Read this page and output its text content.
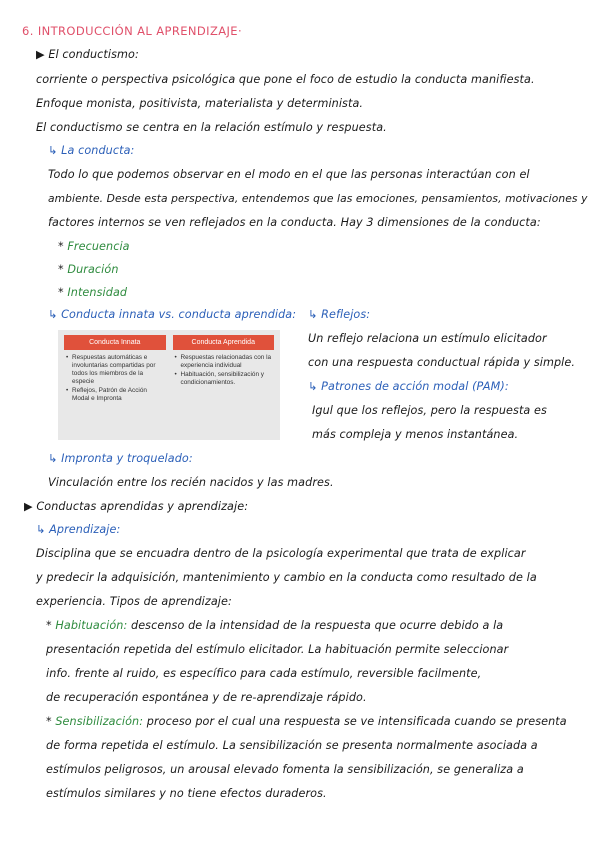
6. INTRODUCCIÓN AL APRENDIZAJE·
▶ El conductismo:
corriente o perspectiva psicológica que pone el foco de estudio la conducta manifiesta.
Enfoque monista, positivista, materialista y determinista.
El conductismo se centra en la relación estímulo y respuesta.
↳ La conducta:
Todo lo que podemos observar en el modo en el que las personas interactúan con el
ambiente. Desde esta perspectiva, entendemos que las emociones, pensamientos, motivaciones y
factores internos se ven reflejados en la conducta. Hay 3 dimensiones de la conducta:
* Frecuencia
* Duración
* Intensidad
↳ Conducta innata vs. conducta aprendida:
Conducta Innata
• Respuestas automáticas e involuntarias compartidas por todos los miembros de la especie
• Reflejos, Patrón de Acción Modal e Impronta
Conducta Aprendida
• Respuestas relacionadas con la experiencia individual
• Habituación, sensibilización y condicionamientos.
↳ Reflejos:
Un reflejo relaciona un estímulo elicitador
con una respuesta conductual rápida y simple.
↳ Patrones de acción modal (PAM):
Igul que los reflejos, pero la respuesta es
más compleja y menos instantánea.
↳ Impronta y troquelado:
Vinculación entre los recién nacidos y las madres.
▶ Conductas aprendidas y aprendizaje:
↳ Aprendizaje:
Disciplina que se encuadra dentro de la psicología experimental que trata de explicar
y predecir la adquisición, mantenimiento y cambio en la conducta como resultado de la
experiencia. Tipos de aprendizaje:
* Habituación: descenso de la intensidad de la respuesta que ocurre debido a la
presentación repetida del estímulo elicitador. La habituación permite seleccionar
info. frente al ruido, es específico para cada estímulo, reversible facilmente,
de recuperación espontánea y de re-aprendizaje rápido.
* Sensibilización: proceso por el cual una respuesta se ve intensificada cuando se presenta
de forma repetida el estímulo. La sensibilización se presenta normalmente asociada a
estímulos peligrosos, un arousal elevado fomenta la sensibilización, se generaliza a
estímulos similares y no tiene efectos duraderos.
